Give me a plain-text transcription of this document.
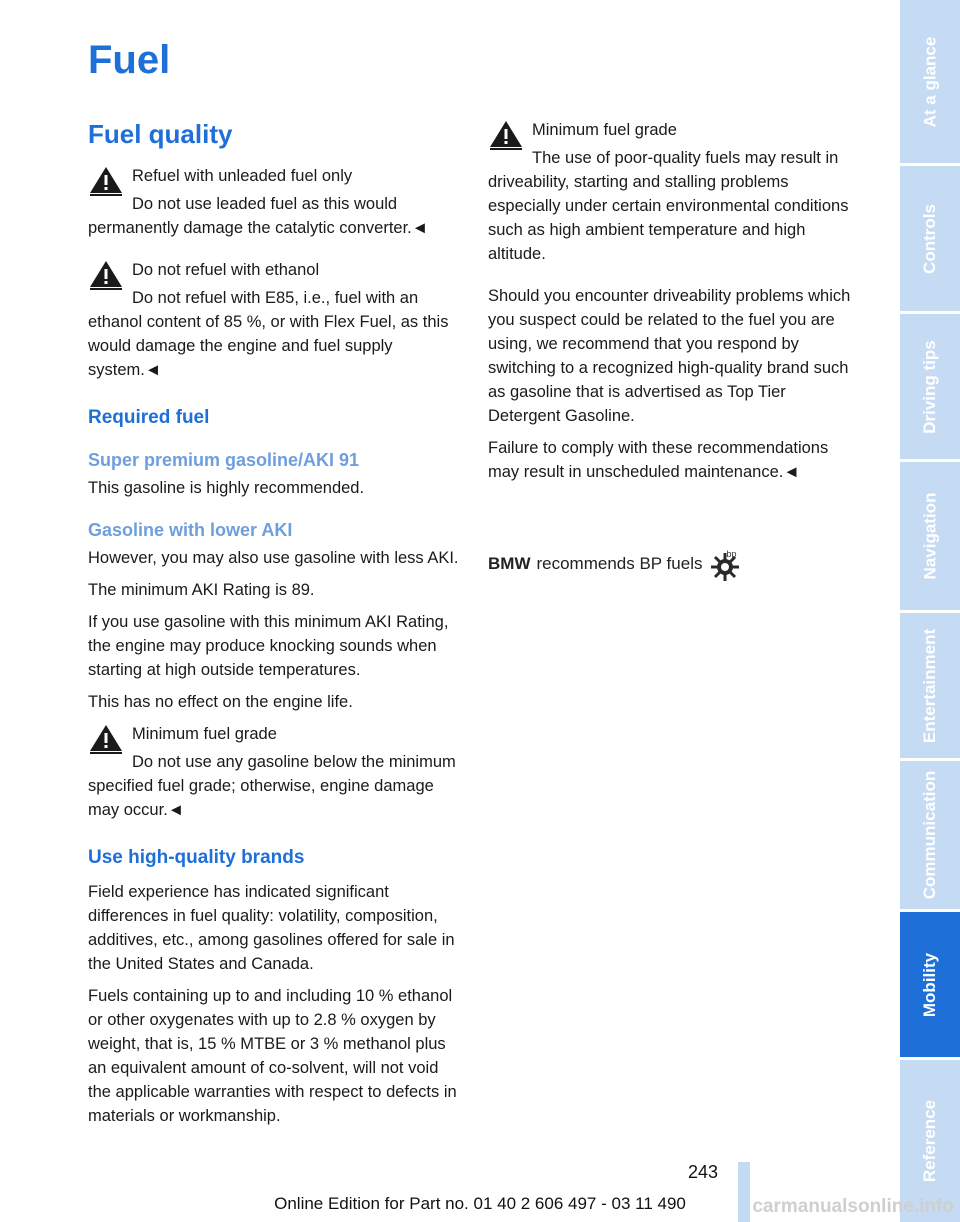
Fuel
Fuel quality
Refuel with unleaded fuel only

Do not use leaded fuel as this would permanently damage the catalytic converter.◄

Do not refuel with ethanol

Do not refuel with E85, i.e., fuel with an ethanol content of 85 %, or with Flex Fuel, as this would damage the engine and fuel supply system.◄

Required fuel
Super premium gasoline/AKI 91

This gasoline is highly recommended.

Gasoline with lower AKI

However, you may also use gasoline with less AKI.

The minimum AKI Rating is 89.

If you use gasoline with this minimum AKI Rating, the engine may produce knocking sounds when starting at high outside temperatures.

This has no effect on the engine life.

Minimum fuel grade

Do not use any gasoline below the minimum specified fuel grade; otherwise, engine damage may occur.◄

Use high-quality brands

Field experience has indicated significant differences in fuel quality: volatility, composition, additives, etc., among gasolines offered for sale in the United States and Canada.

Fuels containing up to and including 10 % ethanol or other oxygenates with up to 2.8 % oxygen by weight, that is, 15 % MTBE or 3 % methanol plus an equivalent amount of co-solvent, will not void the applicable warranties with respect to defects in materials or workmanship.

Minimum fuel grade

The use of poor-quality fuels may result in driveability, starting and stalling problems especially under certain environmental conditions such as high ambient temperature and high altitude.

Should you encounter driveability problems which you suspect could be related to the fuel you are using, we recommend that you respond by switching to a recognized high-quality brand such as gasoline that is advertised as Top Tier Detergent Gasoline.

Failure to comply with these recommendations may result in unscheduled maintenance.◄

BMW recommends BP fuels	bp
At a glance
Controls
Driving tips
Navigation
Entertainment
Communication
Mobility
Reference
243
Online Edition for Part no. 01 40 2 606 497 - 03 11 490	carmanualsonline.info
